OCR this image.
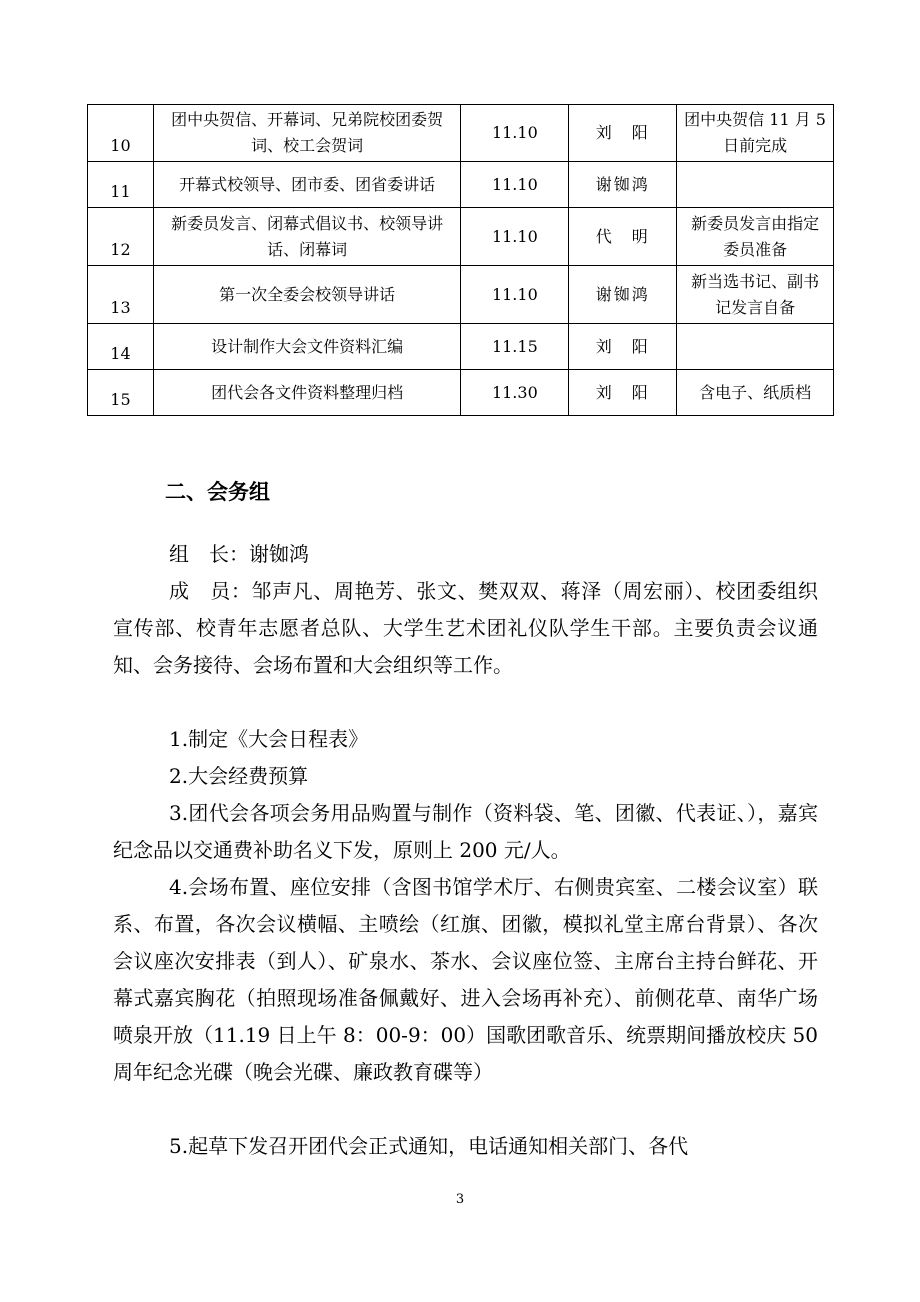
10	团中央贺信、开幕词、兄弟院校团委贺词、校工会贺词	11.10	刘　阳	团中央贺信 11 月 5 日前完成
11	开幕式校领导、团市委、团省委讲话	11.10	谢铷鸿	
12	新委员发言、闭幕式倡议书、校领导讲话、闭幕词	11.10	代　明	新委员发言由指定委员准备
13	第一次全委会校领导讲话	11.10	谢铷鸿	新当选书记、副书记发言自备
14	设计制作大会文件资料汇编	11.15	刘　阳	
15	团代会各文件资料整理归档	11.30	刘　阳	含电子、纸质档
二、会务组

组　长：谢铷鸿

成　员：邹声凡、周艳芳、张文、樊双双、蒋泽（周宏丽）、校团委组织宣传部、校青年志愿者总队、大学生艺术团礼仪队学生干部。主要负责会议通知、会务接待、会场布置和大会组织等工作。

1.制定《大会日程表》

2.大会经费预算

3.团代会各项会务用品购置与制作（资料袋、笔、团徽、代表证、），嘉宾纪念品以交通费补助名义下发，原则上 200 元/人。

4.会场布置、座位安排（含图书馆学术厅、右侧贵宾室、二楼会议室）联系、布置，各次会议横幅、主喷绘（红旗、团徽，模拟礼堂主席台背景）、各次会议座次安排表（到人）、矿泉水、茶水、会议座位签、主席台主持台鲜花、开幕式嘉宾胸花（拍照现场准备佩戴好、进入会场再补充）、前侧花草、南华广场喷泉开放（11.19 日上午 8：00-9：00）国歌团歌音乐、统票期间播放校庆 50 周年纪念光碟（晚会光碟、廉政教育碟等）

5.起草下发召开团代会正式通知，电话通知相关部门、各代

3
